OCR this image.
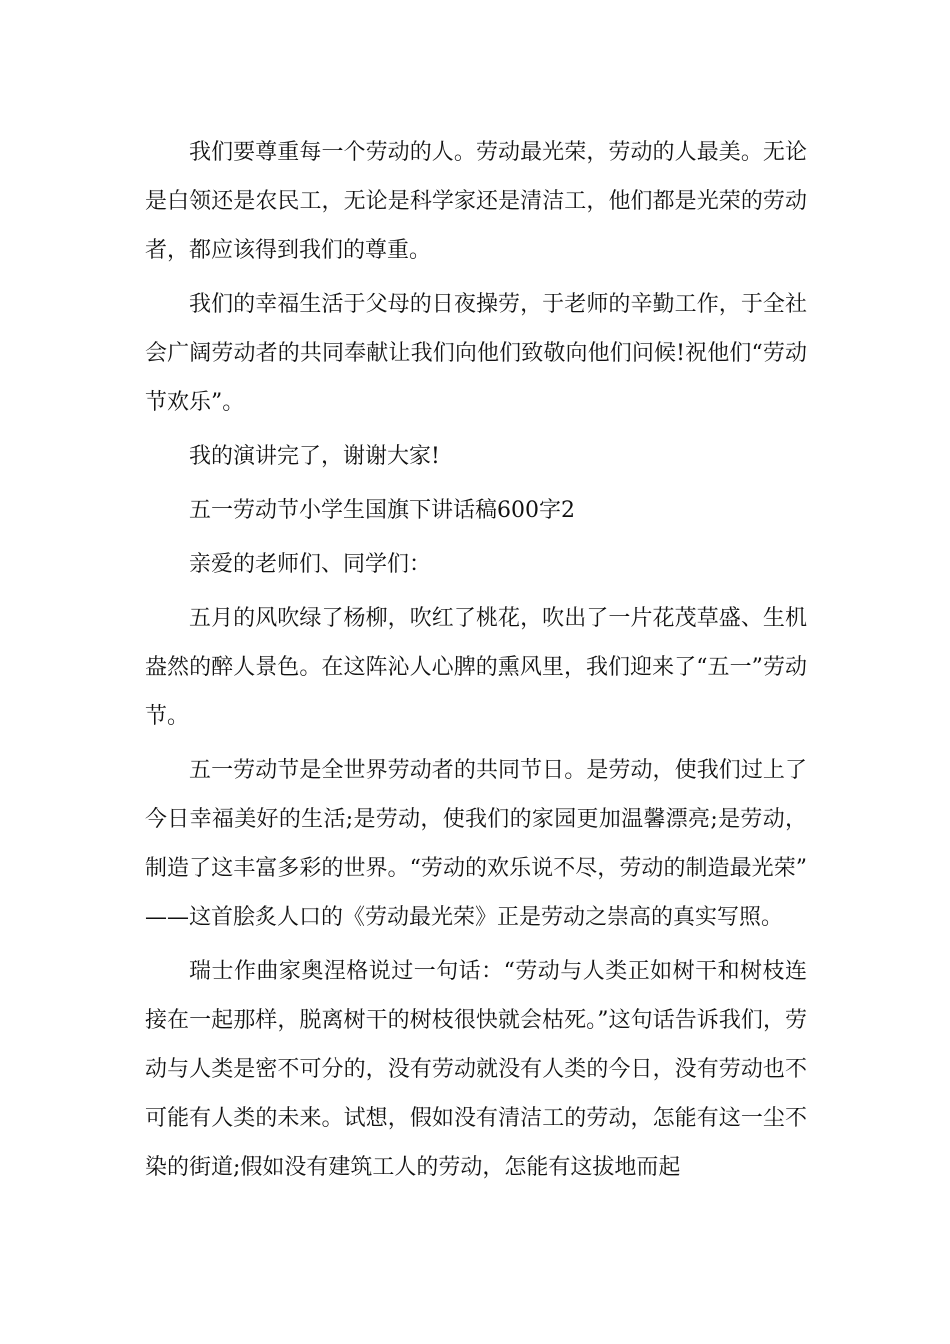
我们要尊重每一个劳动的人。劳动最光荣，劳动的人最美。无论是白领还是农民工，无论是科学家还是清洁工，他们都是光荣的劳动者，都应该得到我们的尊重。

我们的幸福生活于父母的日夜操劳，于老师的辛勤工作，于全社会广阔劳动者的共同奉献让我们向他们致敬向他们问候!祝他们“劳动节欢乐”。

我的演讲完了，谢谢大家!

五一劳动节小学生国旗下讲话稿600字2

亲爱的老师们、同学们：

五月的风吹绿了杨柳，吹红了桃花，吹出了一片花茂草盛、生机盎然的醉人景色。在这阵沁人心脾的熏风里，我们迎来了“五一”劳动节。

五一劳动节是全世界劳动者的共同节日。是劳动，使我们过上了今日幸福美好的生活;是劳动，使我们的家园更加温馨漂亮;是劳动，制造了这丰富多彩的世界。“劳动的欢乐说不尽，劳动的制造最光荣”——这首脍炙人口的《劳动最光荣》正是劳动之崇高的真实写照。

瑞士作曲家奥涅格说过一句话：“劳动与人类正如树干和树枝连接在一起那样，脱离树干的树枝很快就会枯死。”这句话告诉我们，劳动与人类是密不可分的，没有劳动就没有人类的今日，没有劳动也不可能有人类的未来。试想，假如没有清洁工的劳动，怎能有这一尘不染的街道;假如没有建筑工人的劳动，怎能有这拔地而起
